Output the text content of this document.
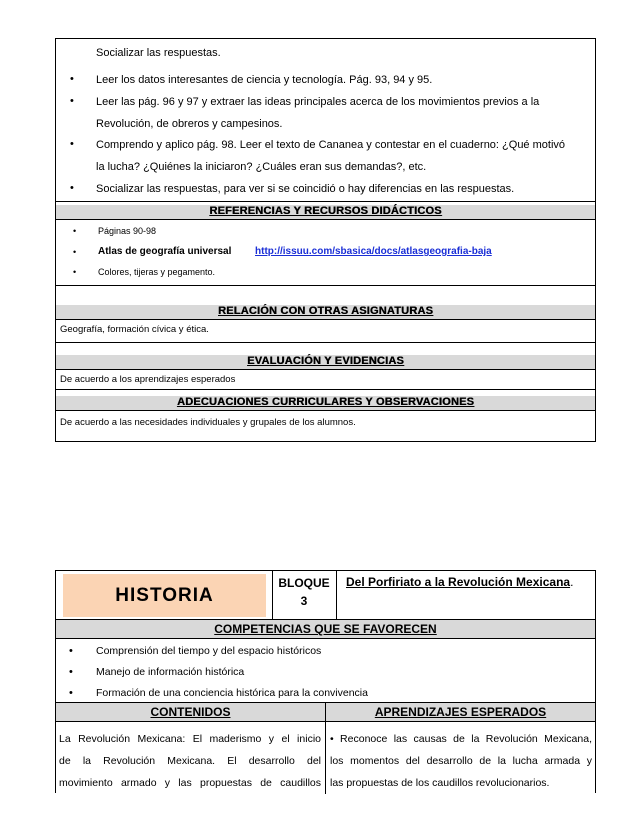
Socializar las respuestas.
• Leer los datos interesantes de ciencia y tecnología. Pág. 93, 94 y 95.
• Leer las pág. 96 y 97 y extraer las ideas principales acerca de los movimientos previos a la
Revolución, de obreros y campesinos.
• Comprendo y aplico pág. 98. Leer el texto de Cananea y contestar en el cuaderno: ¿Qué motivó
la lucha? ¿Quiénes la iniciaron? ¿Cuáles eran sus demandas?, etc.
• Socializar las respuestas, para ver si se coincidió o hay diferencias en las respuestas.
REFERENCIAS Y RECURSOS DIDÁCTICOS
• Páginas 90-98
• Atlas de geografía universal http://issuu.com/sbasica/docs/atlasgeografia-baja
• Colores, tijeras y pegamento.
RELACIÓN CON OTRAS ASIGNATURAS
Geografía, formación cívica y ética.
EVALUACIÓN Y EVIDENCIAS
De acuerdo a los aprendizajes esperados
ADECUACIONES CURRICULARES Y OBSERVACIONES
De acuerdo a las necesidades individuales y grupales de los alumnos.
HISTORIA
BLOQUE
3
Del Porfiriato a la Revolución Mexicana.
COMPETENCIAS QUE SE FAVORECEN
• Comprensión del tiempo y del espacio históricos
• Manejo de información histórica
• Formación de una conciencia histórica para la convivencia
CONTENIDOS	APRENDIZAJES ESPERADOS
La Revolución Mexicana: El maderismo y el inicio
de la Revolución Mexicana. El desarrollo del
movimiento armado y las propuestas de caudillos
• Reconoce las causas de la Revolución Mexicana,
los momentos del desarrollo de la lucha armada y
las propuestas de los caudillos revolucionarios.
